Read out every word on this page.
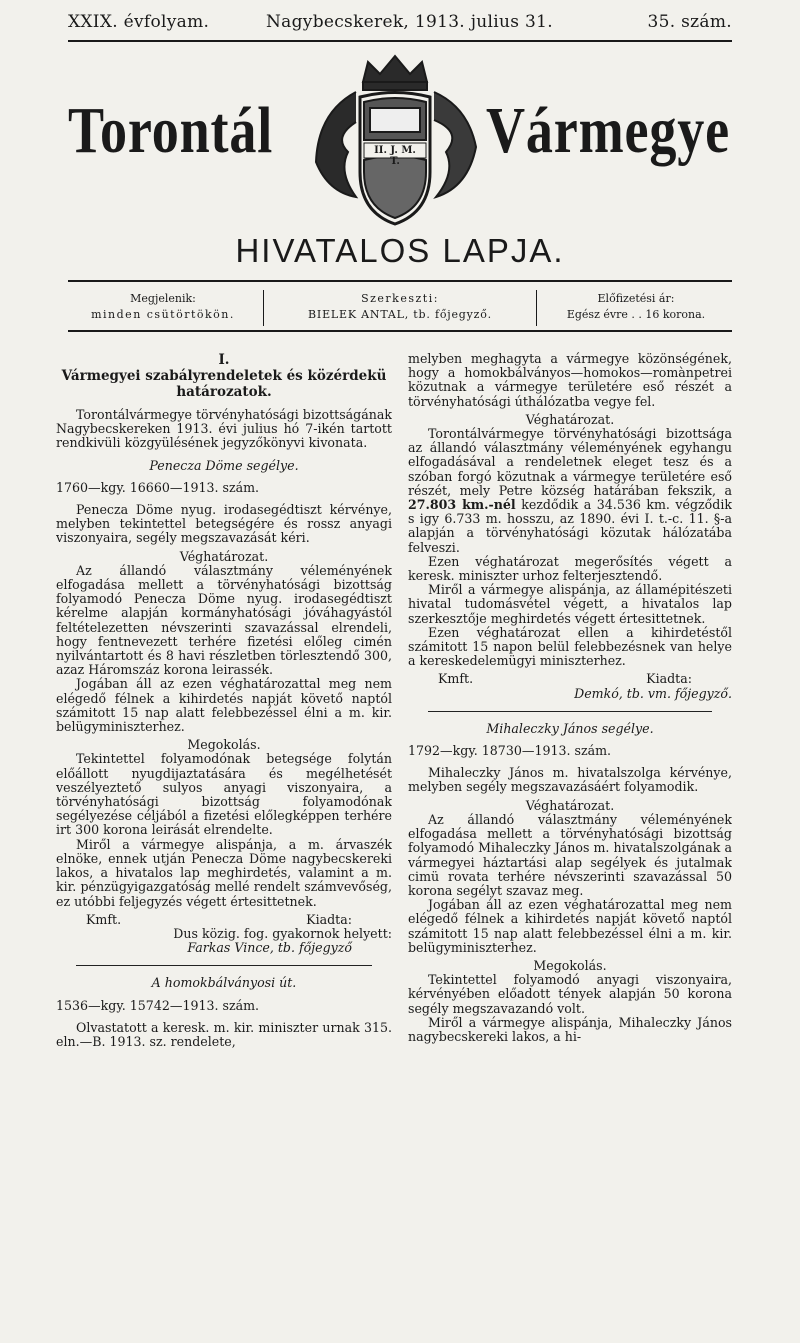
XXIX. évfolyam.	Nagybecskerek, 1913. julius 31.	35. szám.
Torontál	Vármegye
II. J. M. T.
HIVATALOS LAPJA.
Megjelenik:
minden csütörtökön.
Szerkeszti:
BIELEK ANTAL, tb. főjegyző.
Előfizetési ár:
Egész évre . . 16 korona.
I.
Vármegyei szabályrendeletek és közérdekü határozatok.

Torontálvármegye törvényhatósági bizottságának Nagybecskereken 1913. évi julius hó 7-ikén tartott rendkivüli közgyülésének jegyzőkönyvi kivonata.

Penecza Döme segélye.
1760—kgy. 16660—1913. szám.

Penecza Döme nyug. irodasegédtiszt kérvénye, melyben tekintettel betegségére és rossz anyagi viszonyaira, segély megszavazását kéri.

Véghatározat.

Az állandó választmány véleményének elfogadása mellett a törvényhatósági bizottság folyamodó Penecza Döme nyug. irodasegédtiszt kérelme alapján kormányhatósági jóváhagyástól feltételezetten névszerinti szavazással elrendeli, hogy fentnevezett terhére fizetési előleg cimén nyilvántartott és 8 havi részletben törlesztendő 300, azaz Háromszáz korona leirassék.

Jogában áll az ezen véghatározattal meg nem elégedő félnek a kihirdetés napját követő naptól számitott 15 nap alatt felebbezéssel élni a m. kir. belügyminiszterhez.

Megokolás.

Tekintettel folyamodónak betegsége folytán előállott nyugdijaztatására és megélhetését veszélyeztető sulyos anyagi viszonyaira, a törvényhatósági bizottság folyamodónak segélyezése céljából a fizetési előlegképpen terhére irt 300 korona leirását elrendelte.

Miről a vármegye alispánja, a m. árvaszék elnöke, ennek utján Penecza Döme nagybecskereki lakos, a hivatalos lap meghirdetés, valamint a m. kir. pénzügyigazgatóság mellé rendelt számvevőség, ez utóbbi feljegyzés végett értesittetnek.

Kmft.	Kiadta:
Dus közig. fog. gyakornok helyett:
Farkas Vince, tb. főjegyző
A homokbálványosi út.
1536—kgy. 15742—1913. szám.

Olvastatott a keresk. m. kir. miniszter urnak 315. eln.—B. 1913. sz. rendelete,

melyben meghagyta a vármegye közönségének, hogy a homokbálványos—homokos—romànpetrei közutnak a vármegye területére eső részét a törvényhatósági úthálózatba vegye fel.

Véghatározat.

Torontálvármegye törvényhatósági bizottsága az állandó választmány véleményének egyhangu elfogadásával a rendeletnek eleget tesz és a szóban forgó közutnak a vármegye területére eső részét, mely Petre község határában fekszik, a 27.803 km.-nél kezdődik a 34.536 km. végződik s igy 6.733 m. hosszu, az 1890. évi I. t.-c. 11. §-a alapján a törvényhatósági közutak hálózatába felveszi.

Ezen véghatározat megerősítés végett a keresk. miniszter urhoz felterjesztendő.

Miről a vármegye alispánja, az államépitészeti hivatal tudomásvétel végett, a hivatalos lap szerkesztője meghirdetés végett értesittetnek.

Ezen véghatározat ellen a kihirdetéstől számitott 15 napon belül felebbezésnek van helye a kereskedelemügyi miniszterhez.

Kmft.	Kiadta:
Demkó, tb. vm. főjegyző.
Mihaleczky János segélye.
1792—kgy. 18730—1913. szám.

Mihaleczky János m. hivatalszolga kérvénye, melyben segély megszavazásáért folyamodik.

Véghatározat.

Az állandó választmány véleményének elfogadása mellett a törvényhatósági bizottság folyamodó Mihaleczky János m. hivatalszolgának a vármegyei háztartási alap segélyek és jutalmak cimü rovata terhére névszerinti szavazással 50 korona segélyt szavaz meg.

Jogában áll az ezen véghatározattal meg nem elégedő félnek a kihirdetés napját követő naptól számitott 15 nap alatt felebbezéssel élni a m. kir. belügyminiszterhez.

Megokolás.

Tekintettel folyamodó anyagi viszonyaira, kérvényében előadott tények alapján 50 korona segély megszavazandó volt.

Miről a vármegye alispánja, Mihaleczky János nagybecskereki lakos, a hi-
